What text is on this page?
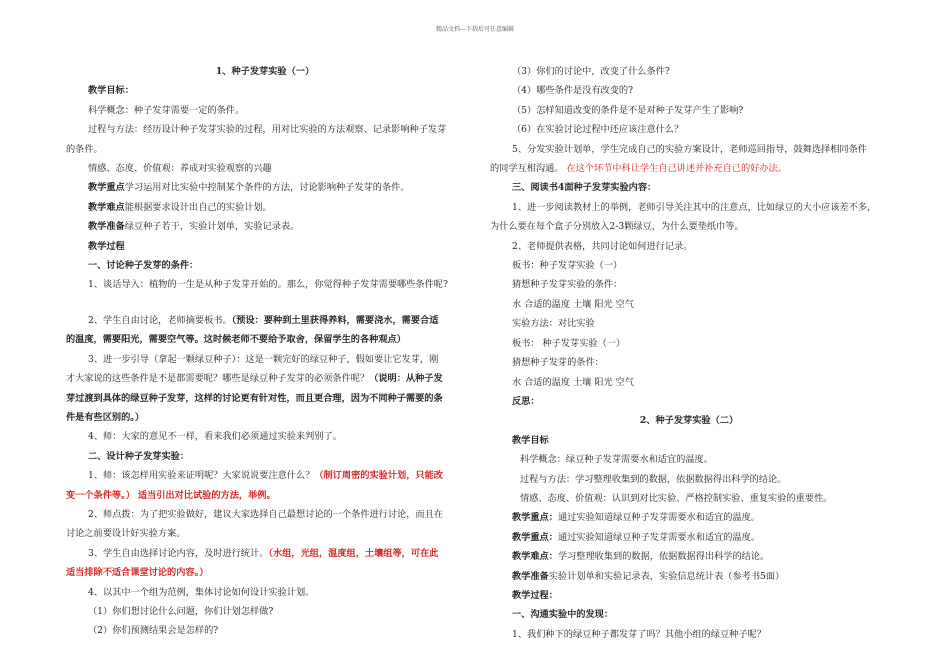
精品文档---下载后可任意编辑

1、种子发芽实验（一）

教学目标：

科学概念：种子发芽需要一定的条件。

过程与方法：经历设计种子发芽实验的过程，用对比实验的方法观察、记录影响种子发芽

的条件。

情感、态度、价值观：养成对实验观察的兴趣

教学重点学习运用对比实验中控制某个条件的方法，讨论影响种子发芽的条件。

教学难点能根据要求设计出自己的实验计划。

教学准备绿豆种子若干，实验计划单，实验记录表。

教学过程

一、讨论种子发芽的条件：

1、谈话导入：植物的一生是从种子发芽开始的。那么，你觉得种子发芽需要哪些条件呢?

2、学生自由讨论，老师摘要板书。（预设：要种到土里获得养料，需要浇水，需要合适

的温度，需要阳光，需要空气等。这时候老师不要给予取舍，保留学生的各种观点）

3、进一步引导（拿起一颗绿豆种子）：这是一颗完好的绿豆种子，假如要让它发芽，刚

才大家说的这些条件是不是都需要呢？哪些是绿豆种子发芽的必须条件呢？（说明：从种子发

芽过渡到具体的绿豆种子发芽，这样的讨论更有针对性，而且更合理，因为不同种子需要的条

件是有些区别的。）

4、师：大家的意见不一样，看来我们必须通过实验来判别了。

二、设计种子发芽实验：

1、师：该怎样用实验来证明呢？大家说说要注意什么？（制订周密的实验计划，只能改

变一个条件等。） 适当引出对比试验的方法，举例。

2、师点拨：为了把实验做好，建议大家选择自己最想讨论的一个条件进行讨论，而且在

讨论之前要设计好实验方案。

3、学生自由选择讨论内容，及时进行统计。（水组，光组，温度组，土壤组等，可在此

适当排除不适合课堂讨论的内容。）

4、以其中一个组为范例，集体讨论如何设计实验计划。

（1）你们想讨论什么问题，你们计划怎样做?

（2）你们预测结果会是怎样的?

（3）你们的讨论中，改变了什么条件?

（4）哪些条件是没有改变的?

（5）怎样知道改变的条件是不是对种子发芽产生了影响?

（6）在实验讨论过程中还应该注意什么？

5、分发实验计划单，学生完成自己的实验方案设计，老师巡回指导，鼓舞选择相同条件

的同学互相沟通。 在这个环节中科让学生自己讲述并补充自己的好办法。

三、阅读书4面种子发芽实验内容：

1、进一步阅读教材上的举例，老师引导关注其中的注意点，比如绿豆的大小应该差不多，

为什么要在每个盒子分别放入2-3颗绿豆，为什么要垫纸巾等。

2、老师提供表格，共同讨论如何进行记录。

板书：种子发芽实验（一）

猜想种子发芽实验的条件：

水 合适的温度 土壤 阳光 空气

实验方法：对比实验

板书： 种子发芽实验（一）

猜想种子发芽的条件：

水 合适的温度 土壤 阳光 空气

反思：

2、种子发芽实验（二）

教学目标

科学概念：绿豆种子发芽需要水和适宜的温度。

过程与方法：学习整理收集到的数据，依据数据得出科学的结论。

情感、态度、价值观：认识到对比实验、严格控制实验、重复实验的重要性。

教学重点：通过实验知道绿豆种子发芽需要水和适宜的温度。

教学重点：通过实验知道绿豆种子发芽需要水和适宜的温度。

教学难点：学习整理收集到的数据，依据数据得出科学的结论。

教学准备实验计划单和实验记录表，实验信息统计表（参考书5面）

教学过程：

一、沟通实验中的发现：

1、我们种下的绿豆种子都发芽了吗？其他小组的绿豆种子呢？
